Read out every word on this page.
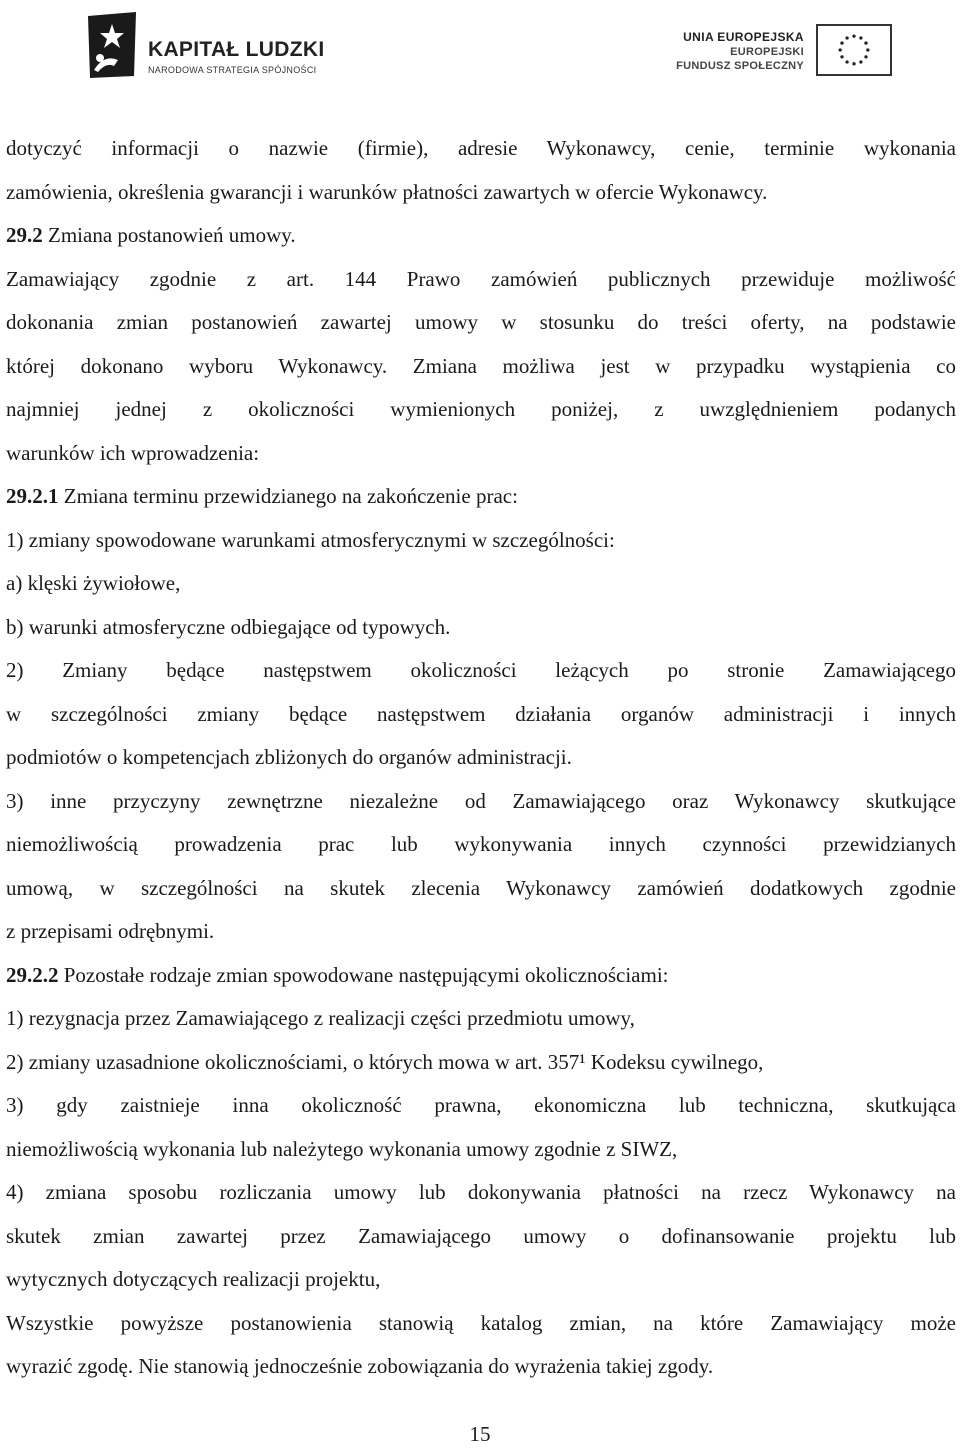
KAPITAŁ LUDZKI
NARODOWA STRATEGIA SPÓJNOŚCI
UNIA EUROPEJSKA
EUROPEJSKI
FUNDUSZ SPOŁECZNY
dotyczyć informacji o nazwie (firmie), adresie Wykonawcy, cenie, terminie wykonania
zamówienia, określenia gwarancji i warunków płatności zawartych w ofercie Wykonawcy.
29.2 Zmiana postanowień umowy.
Zamawiający zgodnie z art. 144 Prawo zamówień publicznych przewiduje możliwość
dokonania zmian postanowień zawartej umowy w stosunku do treści oferty, na podstawie
której dokonano wyboru Wykonawcy. Zmiana możliwa jest w przypadku wystąpienia co
najmniej jednej z okoliczności wymienionych poniżej, z uwzględnieniem podanych
warunków ich wprowadzenia:
29.2.1 Zmiana terminu przewidzianego na zakończenie prac:
1) zmiany spowodowane warunkami atmosferycznymi w szczególności:
a) klęski żywiołowe,
b) warunki atmosferyczne odbiegające od typowych.
2) Zmiany będące następstwem okoliczności leżących po stronie Zamawiającego
w szczególności zmiany będące następstwem działania organów administracji i innych
podmiotów o kompetencjach zbliżonych do organów administracji.
3) inne przyczyny zewnętrzne niezależne od Zamawiającego oraz Wykonawcy skutkujące
niemożliwością prowadzenia prac lub wykonywania innych czynności przewidzianych
umową, w szczególności na skutek zlecenia Wykonawcy zamówień dodatkowych zgodnie
z przepisami odrębnymi.
29.2.2 Pozostałe rodzaje zmian spowodowane następującymi okolicznościami:
1) rezygnacja przez Zamawiającego z realizacji części przedmiotu umowy,
2) zmiany uzasadnione okolicznościami, o których mowa w art. 357¹ Kodeksu cywilnego,
3) gdy zaistnieje inna okoliczność prawna, ekonomiczna lub techniczna, skutkująca
niemożliwością wykonania lub należytego wykonania umowy zgodnie z SIWZ,
4) zmiana sposobu rozliczania umowy lub dokonywania płatności na rzecz Wykonawcy na
skutek zmian zawartej przez Zamawiającego umowy o dofinansowanie projektu lub
wytycznych dotyczących realizacji projektu,
Wszystkie powyższe postanowienia stanowią katalog zmian, na które Zamawiający może
wyrazić zgodę. Nie stanowią jednocześnie zobowiązania do wyrażenia takiej zgody.
15
